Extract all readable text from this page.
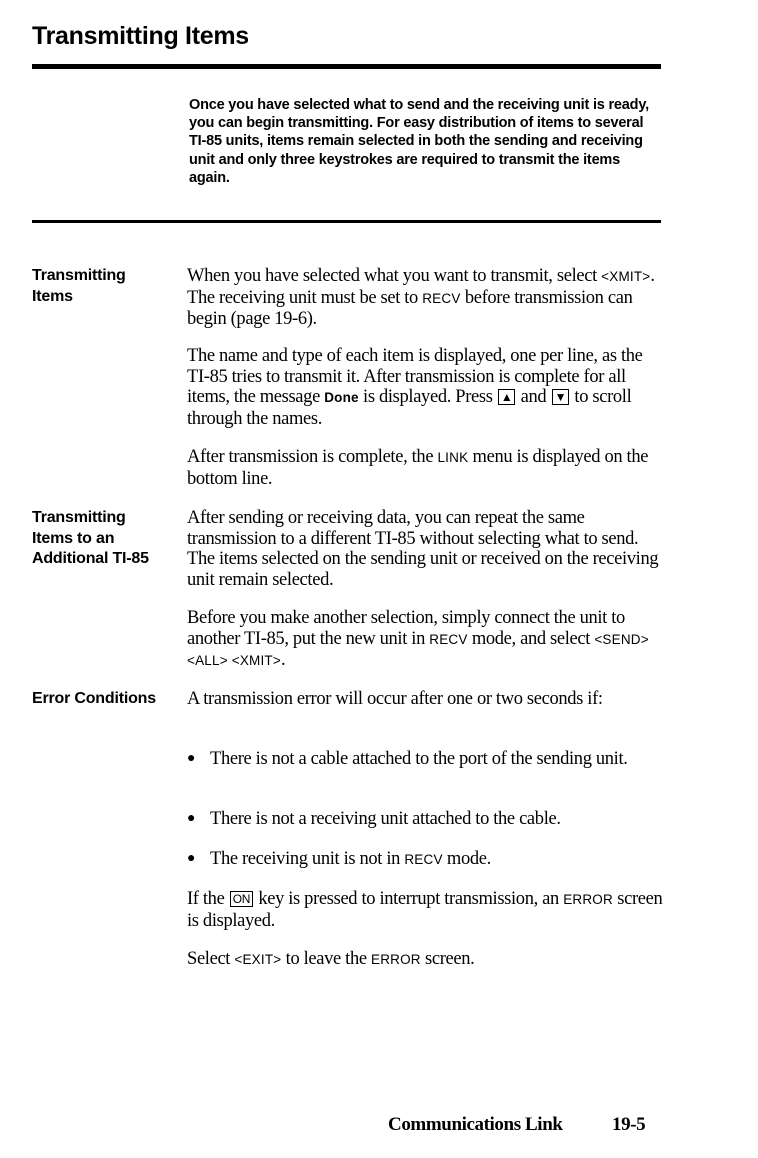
Transmitting Items
Once you have selected what to send and the receiving unit is ready, you can begin transmitting. For easy distribution of items to several TI-85 units, items remain selected in both the sending and receiving unit and only three keystrokes are required to transmit the items again.
Transmitting
Items
When you have selected what you want to transmit, select <XMIT>. The receiving unit must be set to RECV before transmission can begin (page 19-6).
The name and type of each item is displayed, one per line, as the TI-85 tries to transmit it. After transmission is complete for all items, the message Done is displayed. Press ▲ and ▼ to scroll through the names.
After transmission is complete, the LINK menu is displayed on the bottom line.
Transmitting
Items to an
Additional TI-85
After sending or receiving data, you can repeat the same transmission to a different TI-85 without selecting what to send. The items selected on the sending unit or received on the receiving unit remain selected.
Before you make another selection, simply connect the unit to another TI-85, put the new unit in RECV mode, and select <SEND> <ALL> <XMIT>.
Error Conditions	A transmission error will occur after one or two seconds if:
● There is not a cable attached to the port of the sending unit.
● There is not a receiving unit attached to the cable.
● The receiving unit is not in RECV mode.
If the ON key is pressed to interrupt transmission, an ERROR screen is displayed.
Select <EXIT> to leave the ERROR screen.
Communications Link	19-5
